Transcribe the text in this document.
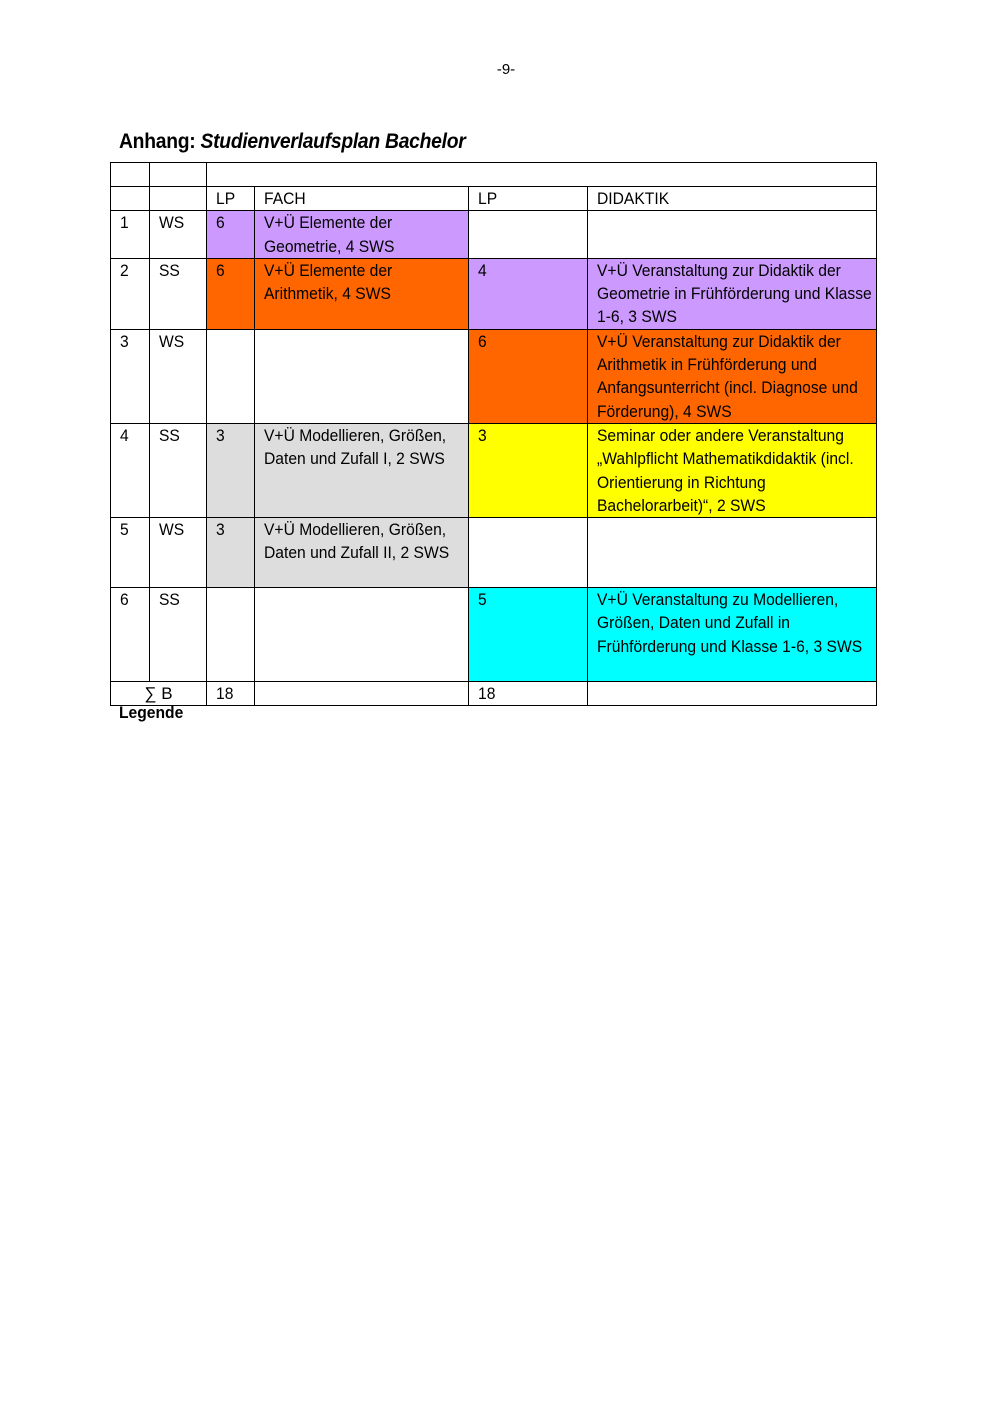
-9-
Anhang: Studienverlaufsplan Bachelor

		LP	FACH	LP	DIDAKTIK

1	WS	6	V+Ü Elemente der Geometrie, 4 SWS		

2	SS	6	V+Ü Elemente der Arithmetik, 4 SWS	4	V+Ü Veranstaltung zur Didaktik der Geometrie in Frühförderung und Klasse 1-6, 3 SWS

3	WS			6	V+Ü Veranstaltung zur Didaktik der Arithmetik in Frühförderung und Anfangsunterricht (incl. Diagnose und Förderung), 4 SWS

4	SS	3	V+Ü Modellieren, Größen, Daten und Zufall I, 2 SWS	3	Seminar oder andere Veranstaltung „Wahlpflicht Mathematikdidaktik (incl. Orientierung in Richtung Bachelorarbeit)“, 2 SWS

5	WS	3	V+Ü Modellieren, Größen, Daten und Zufall II, 2 SWS		

6	SS			5	V+Ü Veranstaltung zu Modellieren, Größen, Daten und Zufall in Frühförderung und Klasse 1-6, 3 SWS

∑ B		18		18	

Legende
